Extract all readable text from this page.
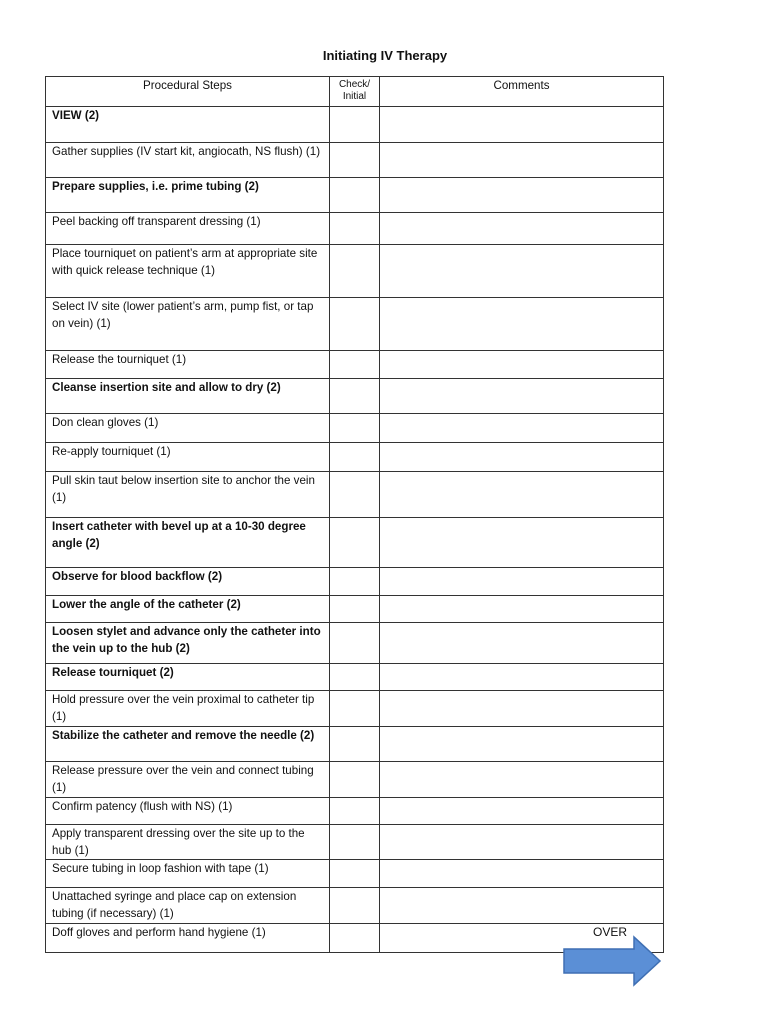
Initiating IV Therapy
Procedural Steps	Check/ Initial	Comments
VIEW (2)		
Gather supplies (IV start kit, angiocath, NS flush) (1)		
Prepare supplies, i.e. prime tubing (2)		
Peel backing off transparent dressing (1)		
Place tourniquet on patient’s arm at appropriate site with quick release technique (1)		
Select IV site (lower patient’s arm, pump fist, or tap on vein) (1)		
Release the tourniquet (1)		
Cleanse insertion site and allow to dry (2)		
Don clean gloves (1)		
Re-apply tourniquet (1)		
Pull skin taut below insertion site to anchor the vein (1)		
Insert catheter with bevel up at a 10-30 degree angle (2)		
Observe for blood backflow (2)		
Lower the angle of the catheter (2)		
Loosen stylet and advance only the catheter into the vein up to the hub (2)		
Release tourniquet (2)		
Hold pressure over the vein proximal to catheter tip (1)		
Stabilize the catheter and remove the needle (2)		
Release pressure over the vein and connect tubing (1)		
Confirm patency (flush with NS) (1)		
Apply transparent dressing over the site up to the hub (1)		
Secure tubing in loop fashion with tape (1)		
Unattached syringe and place cap on extension tubing (if necessary) (1)		
Doff gloves and perform hand hygiene (1)		OVER
